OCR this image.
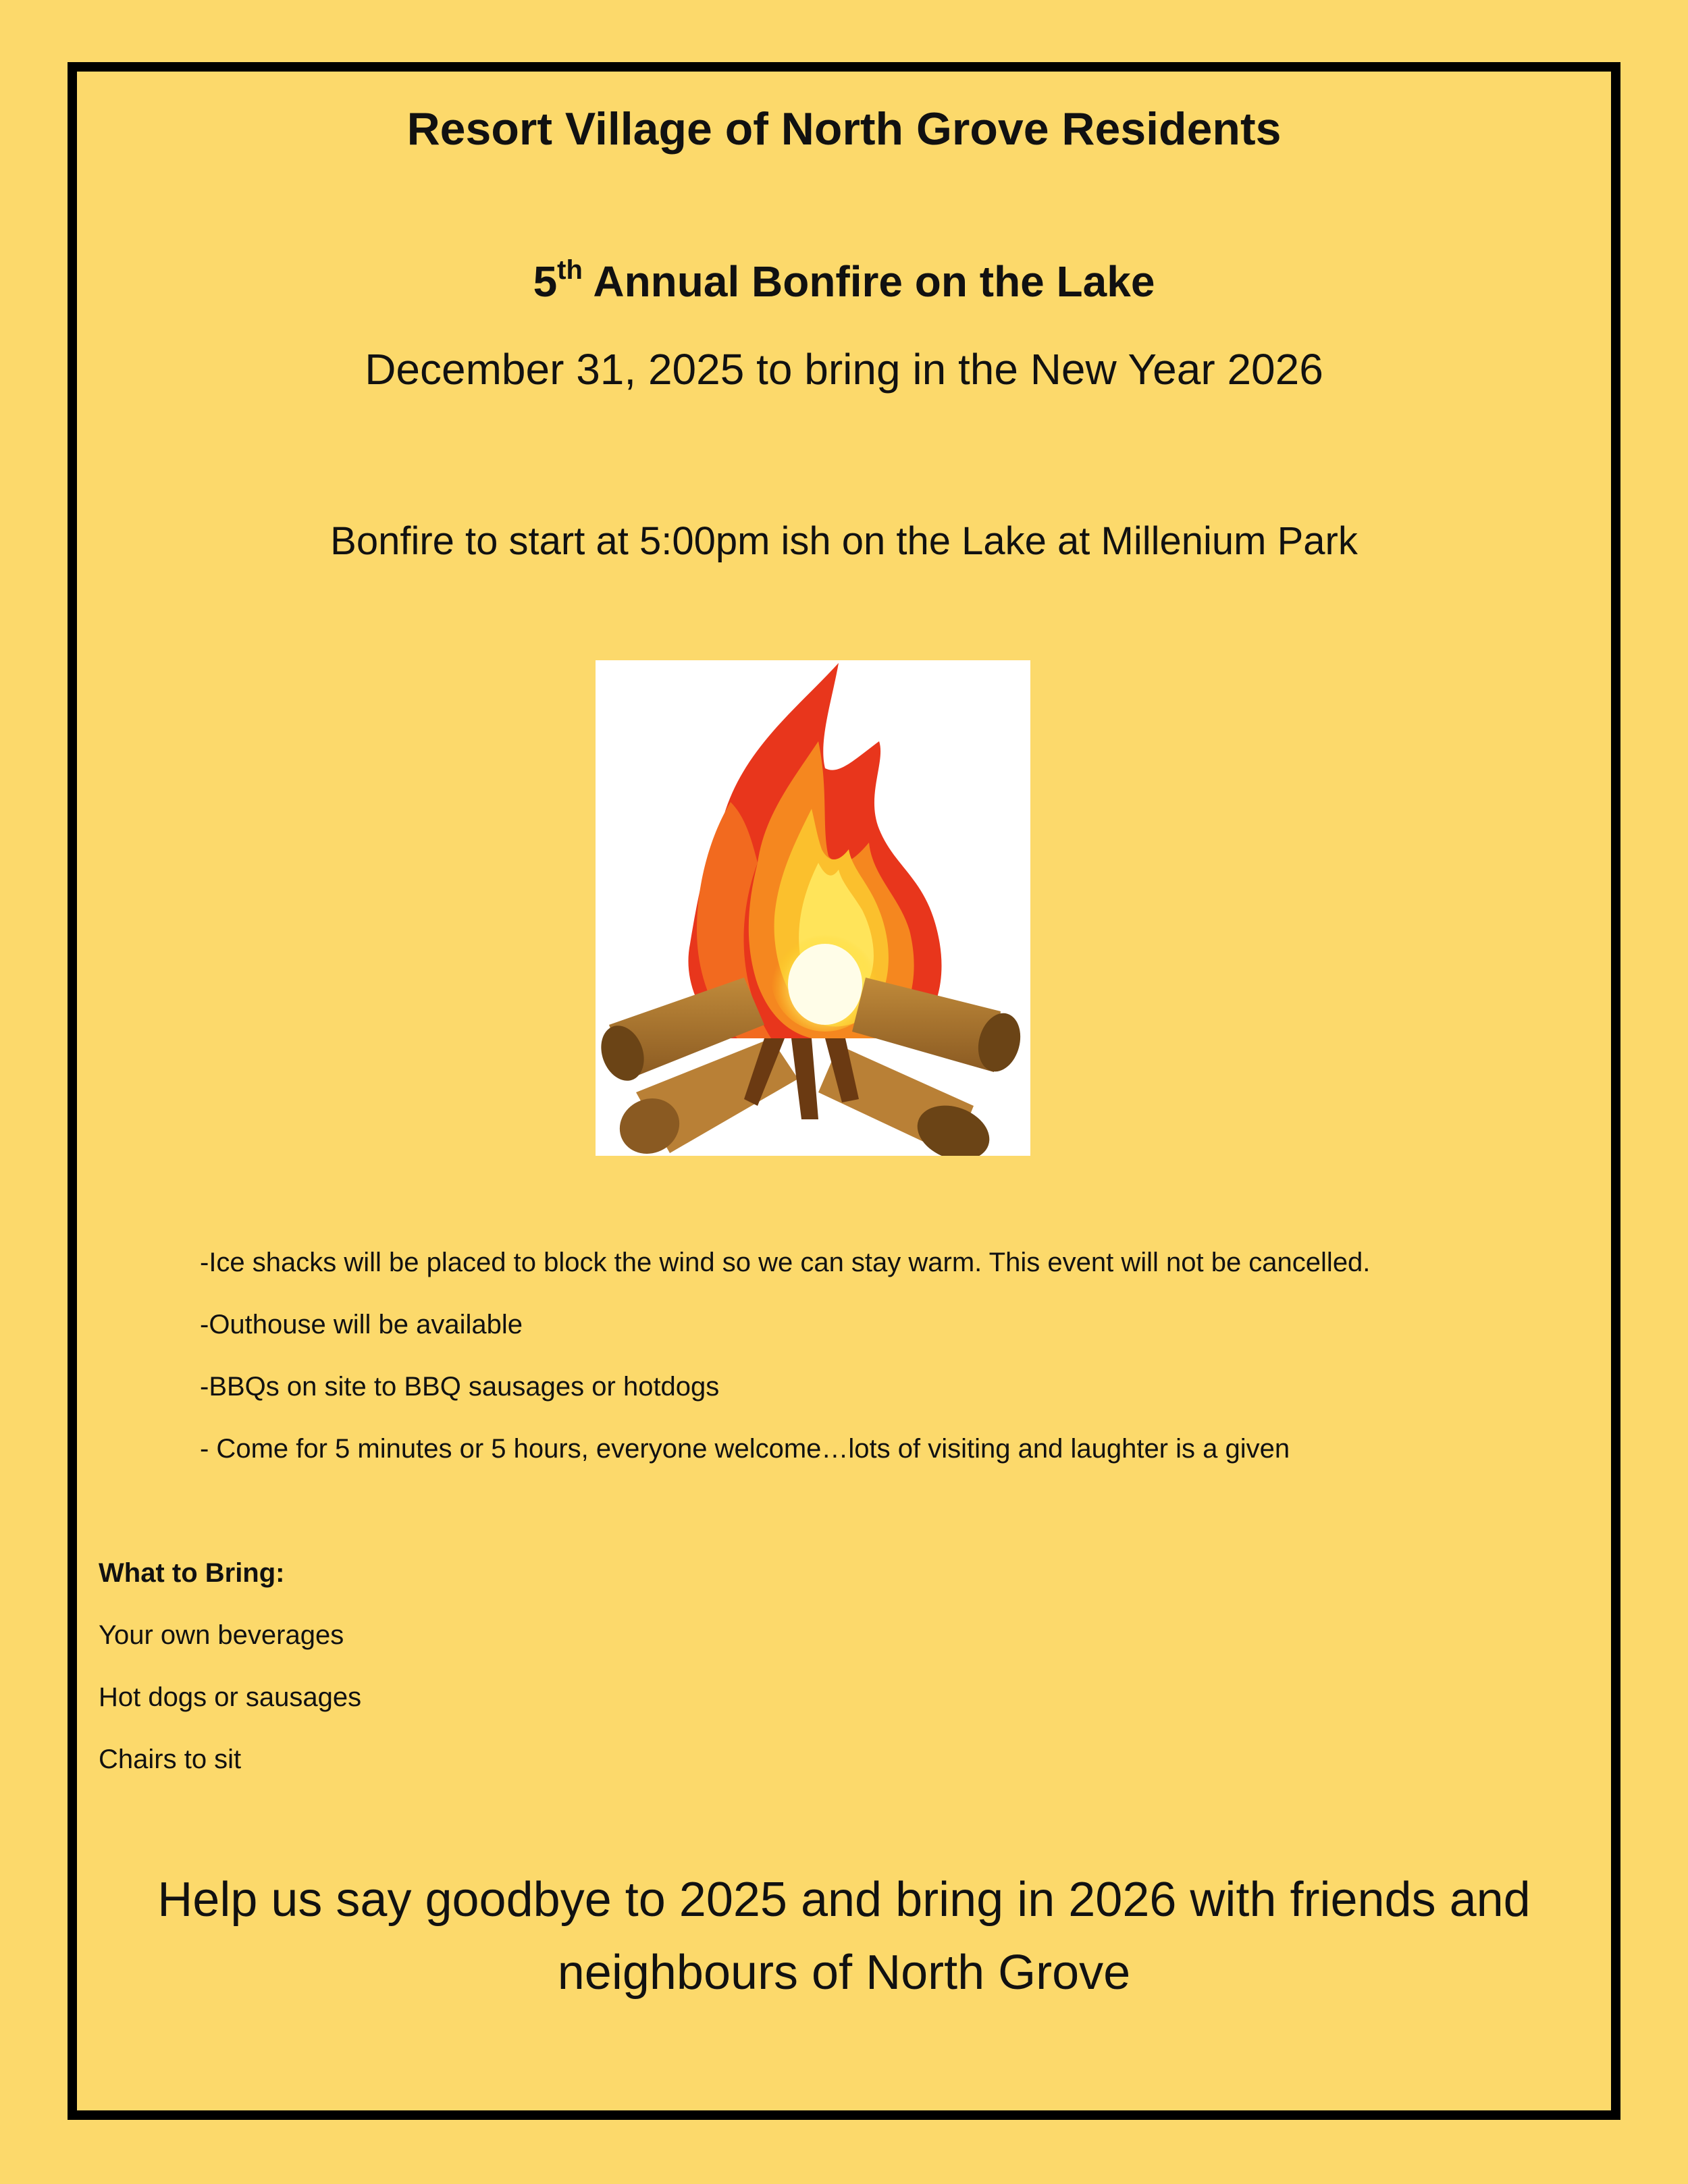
Resort Village of North Grove Residents
5th Annual Bonfire on the Lake
December 31, 2025 to bring in the New Year 2026
Bonfire to start at 5:00pm ish on the Lake at Millenium Park
-Ice shacks will be placed to block the wind so we can stay warm. This event will not be cancelled.
-Outhouse will be available
-BBQs on site to BBQ sausages or hotdogs
- Come for 5 minutes or 5 hours, everyone welcome…lots of visiting and laughter is a given
What to Bring:
Your own beverages
Hot dogs or sausages
Chairs to sit
Help us say goodbye to 2025 and bring in 2026 with friends and
neighbours of North Grove
